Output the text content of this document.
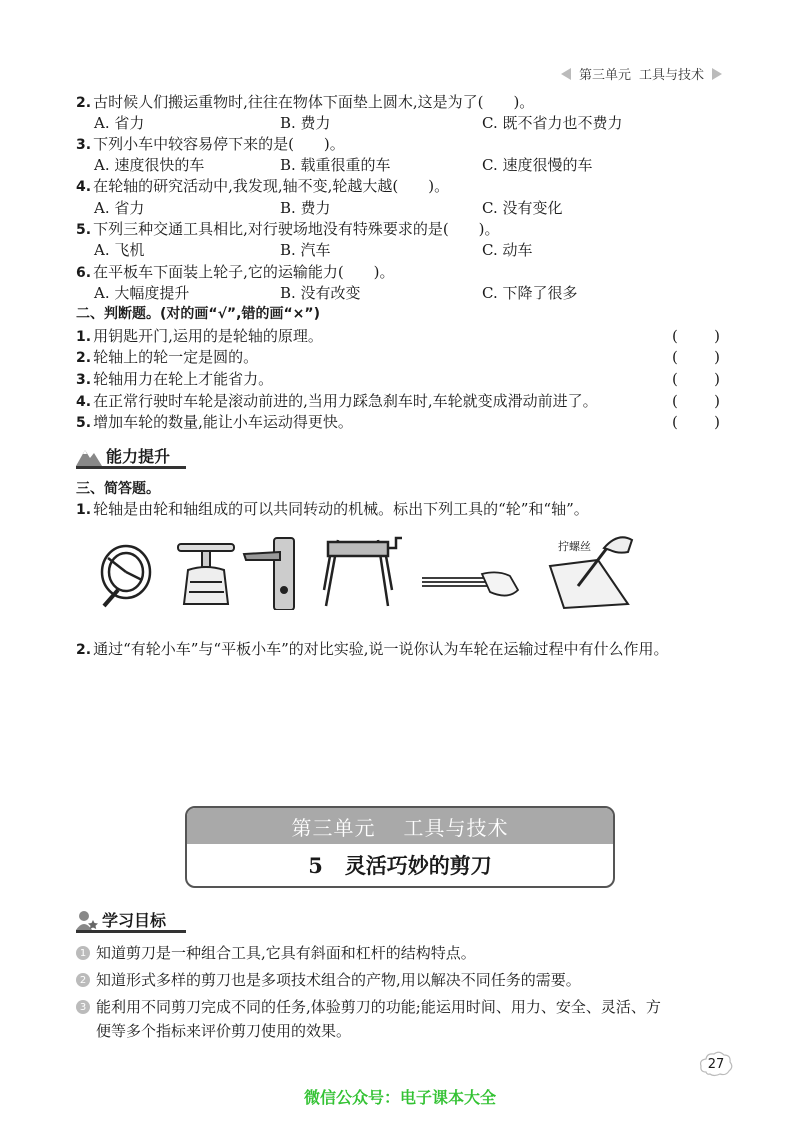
第三单元 工具与技术
2. 古时候人们搬运重物时,往往在物体下面垫上圆木,这是为了(　　)。
A. 省力	B. 费力	C. 既不省力也不费力
3. 下列小车中较容易停下来的是(　　)。
A. 速度很快的车	B. 载重很重的车	C. 速度很慢的车
4. 在轮轴的研究活动中,我发现,轴不变,轮越大越(　　)。
A. 省力	B. 费力	C. 没有变化
5. 下列三种交通工具相比,对行驶场地没有特殊要求的是(　　)。
A. 飞机	B. 汽车	C. 动车
6. 在平板车下面装上轮子,它的运输能力(　　)。
A. 大幅度提升	B. 没有改变	C. 下降了很多
二、判断题。(对的画“√”,错的画“×”)
1. 用钥匙开门,运用的是轮轴的原理。	( )
2. 轮轴上的轮一定是圆的。	( )
3. 轮轴用力在轮上才能省力。	( )
4. 在正常行驶时车轮是滚动前进的,当用力踩急刹车时,车轮就变成滑动前进了。	( )
5. 增加车轮的数量,能让小车运动得更快。	( )
能力提升
三、简答题。
1. 轮轴是由轮和轴组成的可以共同转动的机械。标出下列工具的“轮”和“轴”。
拧螺丝
2. 通过“有轮小车”与“平板小车”的对比实验,说一说你认为车轮在运输过程中有什么作用。
第三单元 工具与技术
5 灵活巧妙的剪刀
学习目标
1 知道剪刀是一种组合工具,它具有斜面和杠杆的结构特点。
2 知道形式多样的剪刀也是多项技术组合的产物,用以解决不同任务的需要。
3 能利用不同剪刀完成不同的任务,体验剪刀的功能;能运用时间、用力、安全、灵活、方
便等多个指标来评价剪刀使用的效果。
27
微信公众号：电子课本大全
